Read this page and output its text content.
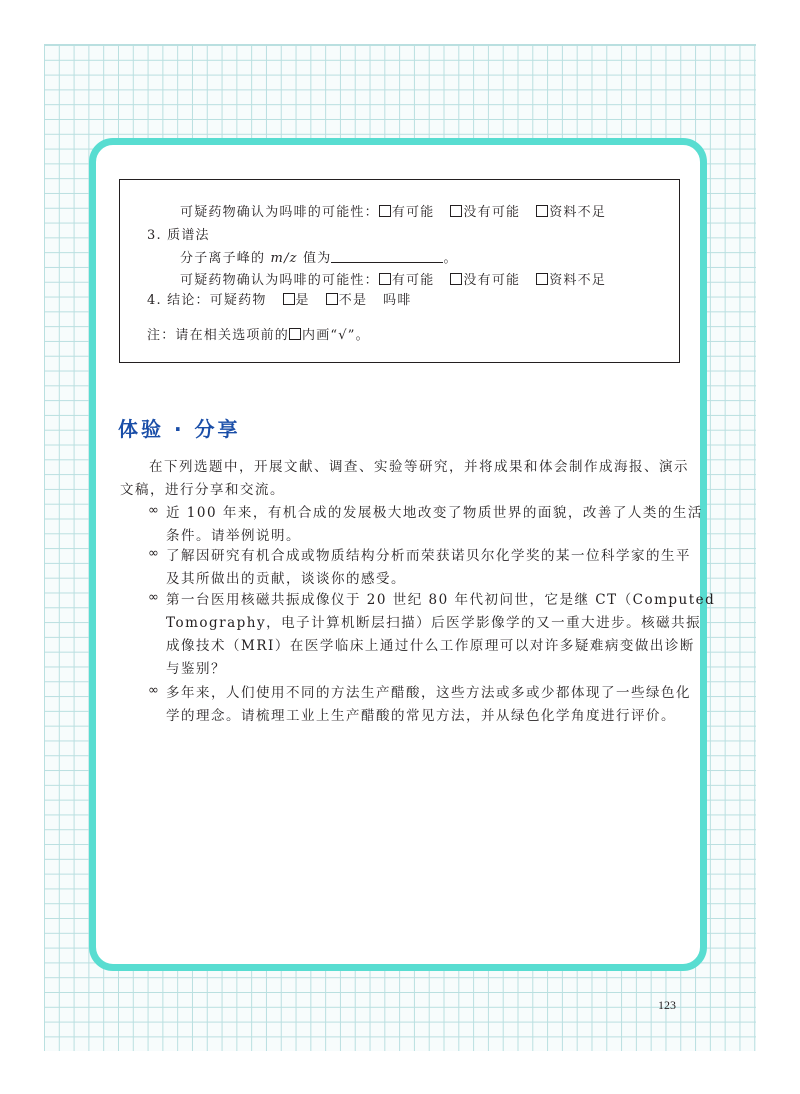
可疑药物确认为吗啡的可能性： 有可能 没有可能 资料不足
3. 质谱法
分子离子峰的 m/z 值为	。
可疑药物确认为吗啡的可能性： 有可能 没有可能 资料不足
4. 结论：可疑药物 是 不是 吗啡
注：请在相关选项前的 内画“√”。
体验 · 分享
在下列选题中，开展文献、调查、实验等研究，并将成果和体会制作成海报、演示
文稿，进行分享和交流。
∞ 近 100 年来，有机合成的发展极大地改变了物质世界的面貌，改善了人类的生活
条件。请举例说明。
∞ 了解因研究有机合成或物质结构分析而荣获诺贝尔化学奖的某一位科学家的生平
及其所做出的贡献，谈谈你的感受。
∞ 第一台医用核磁共振成像仪于 20 世纪 80 年代初问世，它是继 CT（Computed
Tomography，电子计算机断层扫描）后医学影像学的又一重大进步。核磁共振
成像技术（MRI）在医学临床上通过什么工作原理可以对许多疑难病变做出诊断
与鉴别？
∞ 多年来，人们使用不同的方法生产醋酸，这些方法或多或少都体现了一些绿色化
学的理念。请梳理工业上生产醋酸的常见方法，并从绿色化学角度进行评价。
123
